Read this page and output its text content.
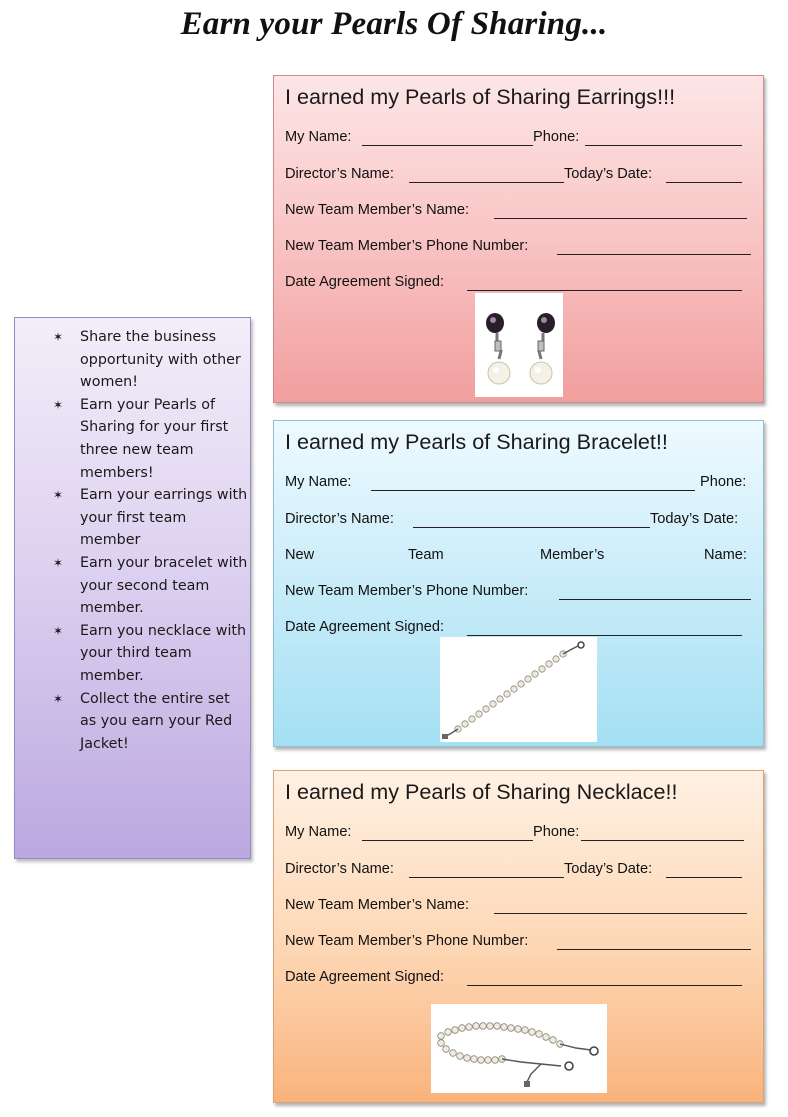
Earn your Pearls Of Sharing...
✶ Share the business opportunity with other women!
✶ Earn your Pearls of Sharing for your first three new team members!
✶ Earn your earrings with your first team member
✶ Earn your bracelet with your second team member.
✶ Earn you necklace with your third team member.
✶ Collect the entire set as you earn your Red Jacket!
I earned my Pearls of Sharing Earrings!!!
My Name:	Phone:
Director’s Name:	Today’s Date:
New Team Member’s Name:
New Team Member’s Phone Number:
Date Agreement Signed:
I earned my Pearls of Sharing Bracelet!!
My Name:	Phone:
Director’s Name:	Today’s Date:
New	Team	Member’s	Name:
New Team Member’s Phone Number:
Date Agreement Signed:
I earned my Pearls of Sharing Necklace!!
My Name:	Phone:
Director’s Name:	Today’s Date:
New Team Member’s Name:
New Team Member’s Phone Number:
Date Agreement Signed:
